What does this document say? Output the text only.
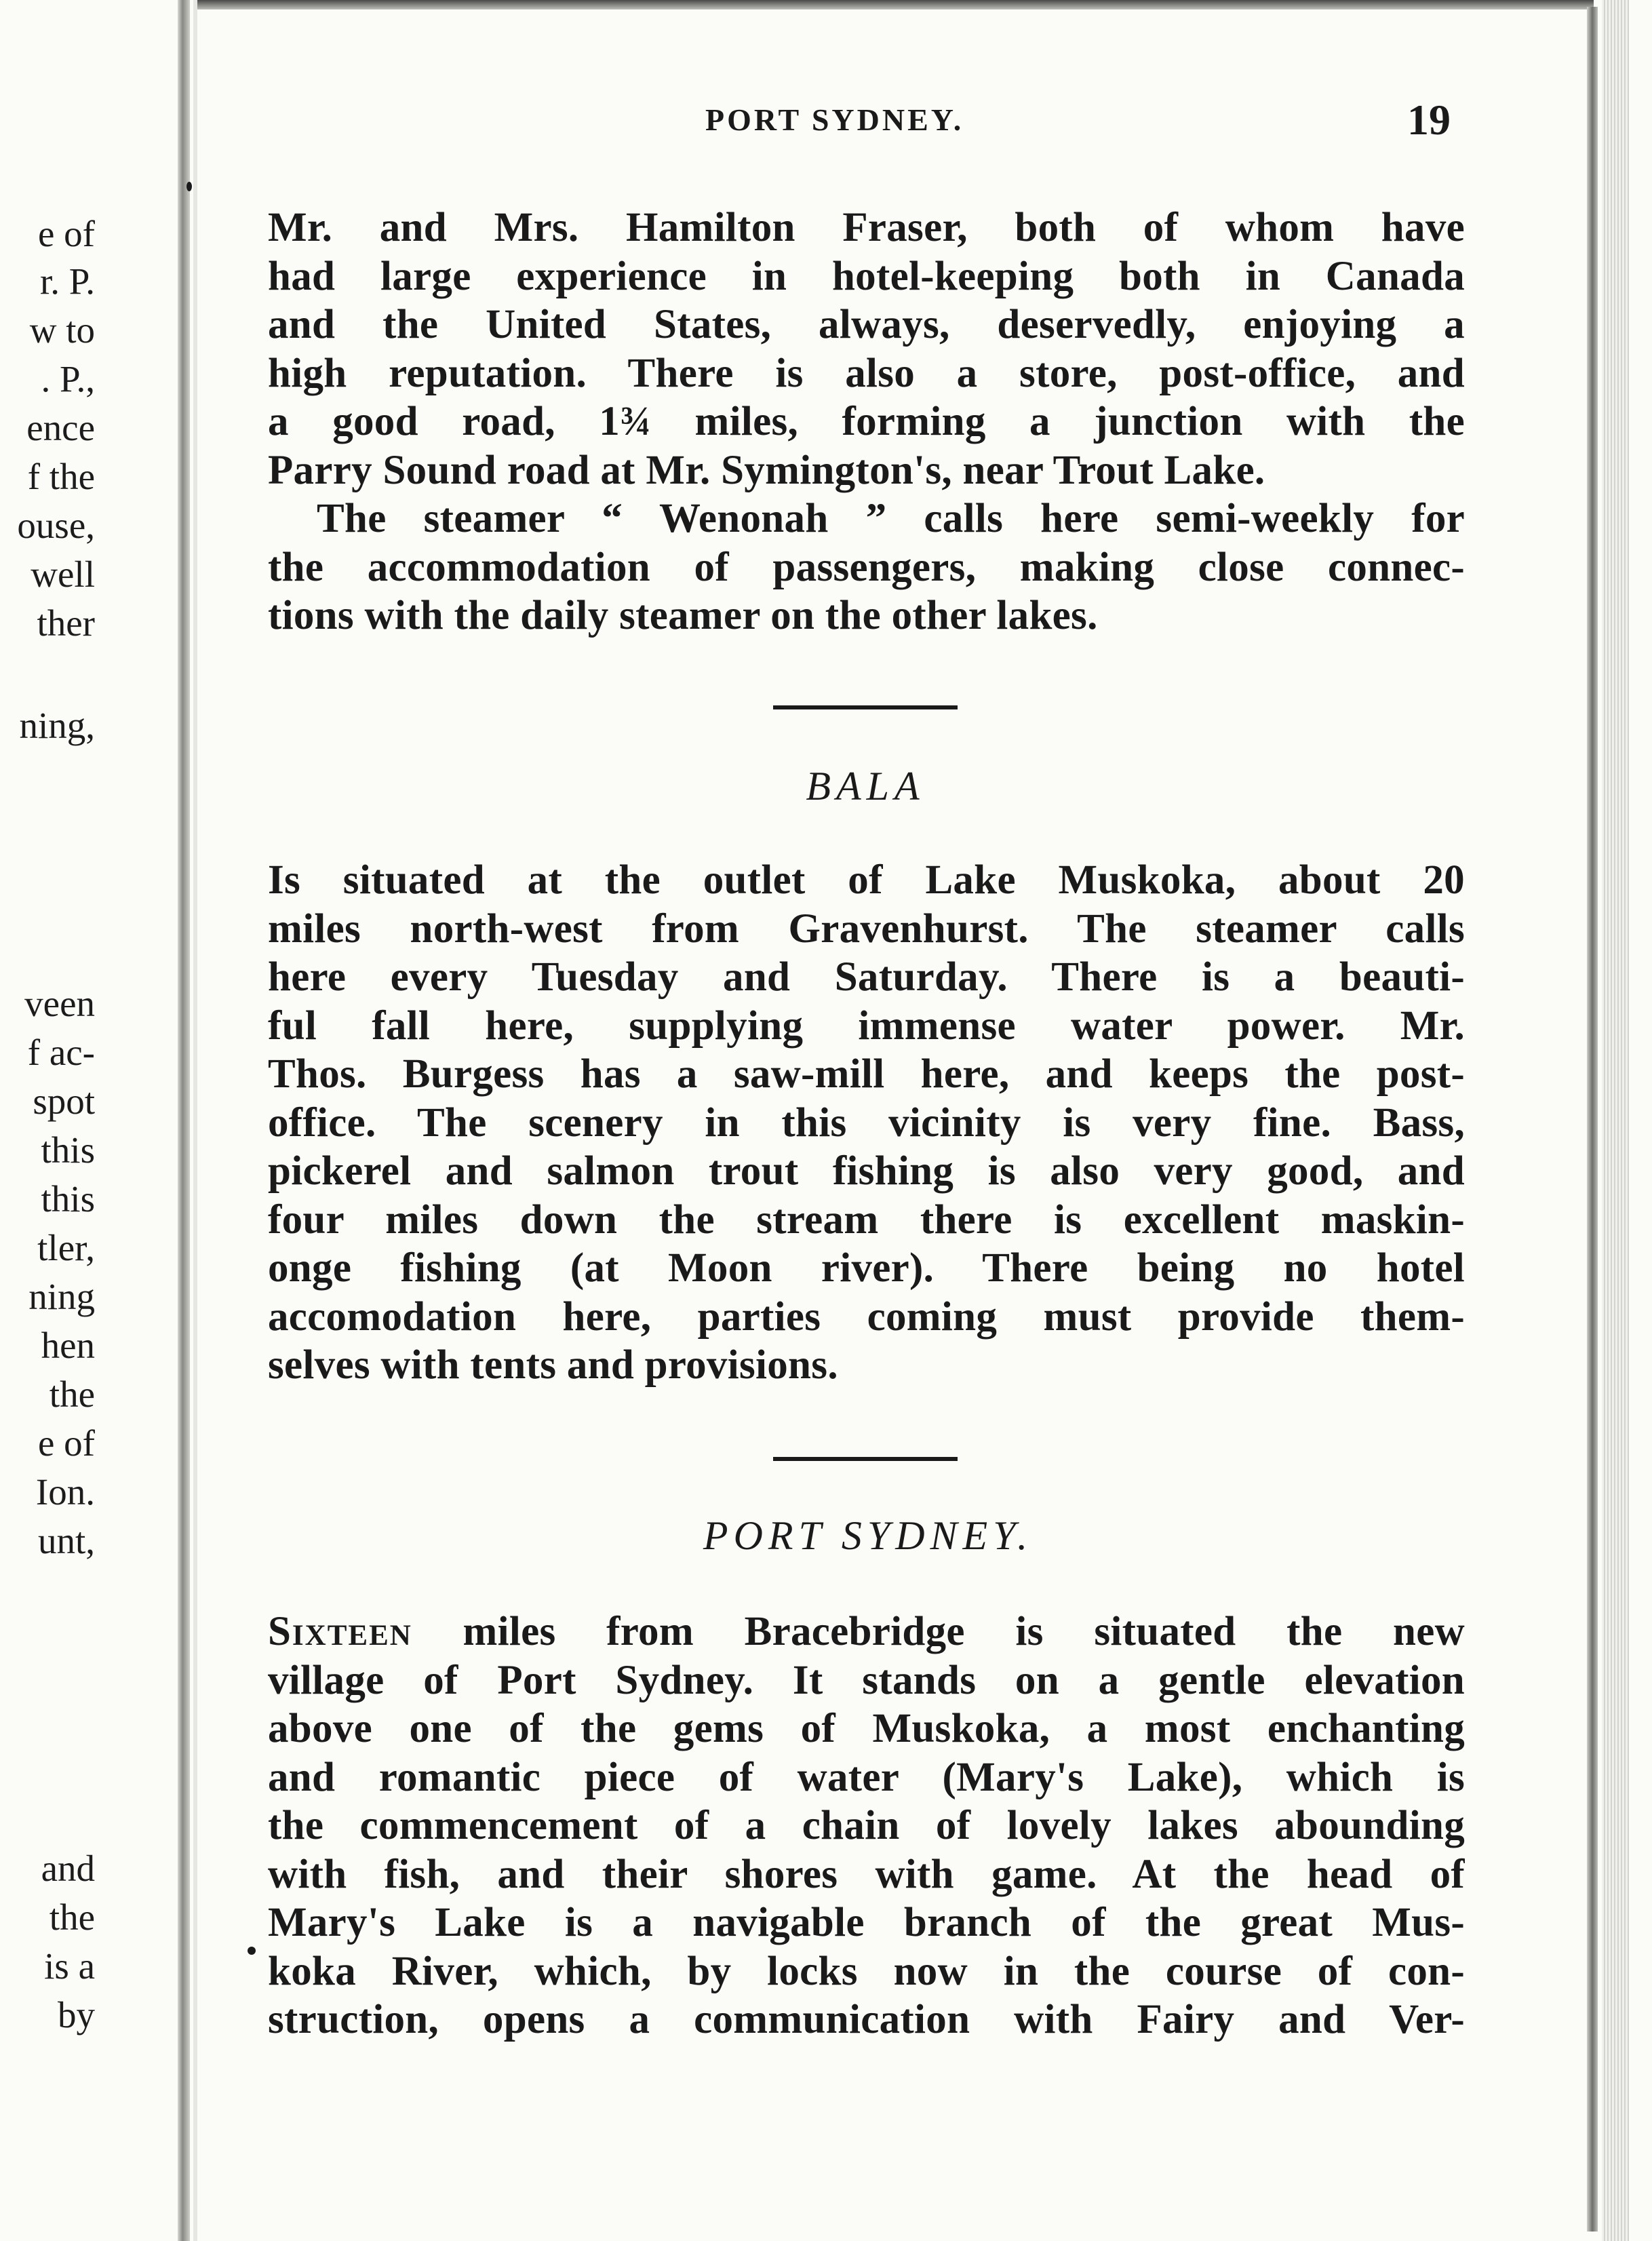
e of
r. P.
w to
. P.,
ence
f the
ouse,
well
ther
ning,
veen
f ac-
spot
this
this
tler,
ning
hen
the
e of
Ion.
unt,
and
the
is a
by
PORT SYDNEY.	19
Mr. and Mrs. Hamilton Fraser, both of whom have
had large experience in hotel-keeping both in Canada
and the United States, always, deservedly, enjoying a
high reputation. There is also a store, post-office, and
a good road, 1¾ miles, forming a junction with the
Parry Sound road at Mr. Symington's, near Trout Lake.
The steamer “ Wenonah ” calls here semi-weekly for
the accommodation of passengers, making close connec-
tions with the daily steamer on the other lakes.
BALA
Is situated at the outlet of Lake Muskoka, about 20
miles north-west from Gravenhurst. The steamer calls
here every Tuesday and Saturday. There is a beauti-
ful fall here, supplying immense water power. Mr.
Thos. Burgess has a saw-mill here, and keeps the post-
office. The scenery in this vicinity is very fine. Bass,
pickerel and salmon trout fishing is also very good, and
four miles down the stream there is excellent maskin-
onge fishing (at Moon river). There being no hotel
accomodation here, parties coming must provide them-
selves with tents and provisions.
PORT SYDNEY.
Sixteen miles from Bracebridge is situated the new
village of Port Sydney. It stands on a gentle elevation
above one of the gems of Muskoka, a most enchanting
and romantic piece of water (Mary's Lake), which is
the commencement of a chain of lovely lakes abounding
with fish, and their shores with game. At the head of
Mary's Lake is a navigable branch of the great Mus-
koka River, which, by locks now in the course of con-
struction, opens a communication with Fairy and Ver-
